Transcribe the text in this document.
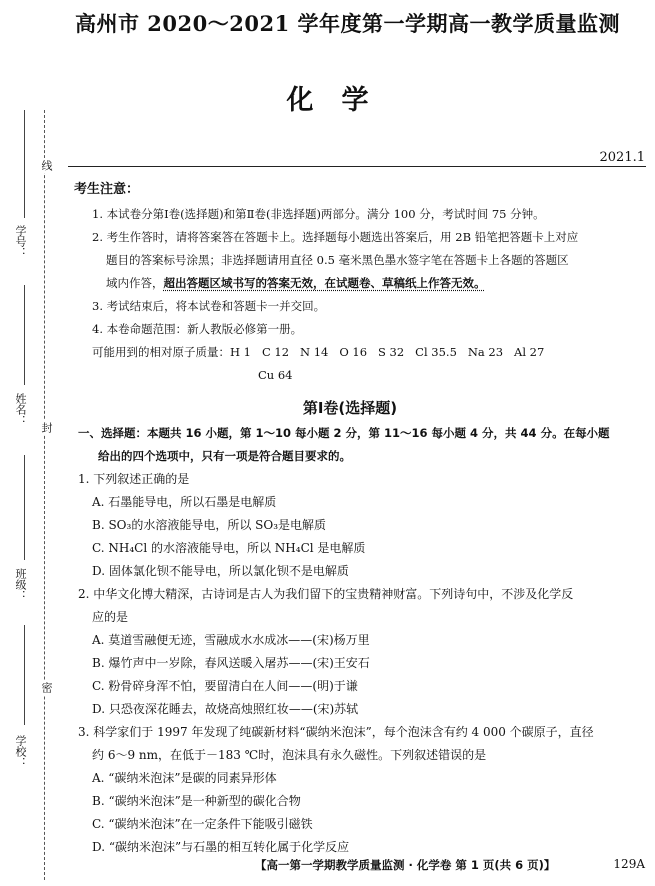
线
封
密
学号：
姓名：
班级：
学校：
高州市 2020～2021 学年度第一学期高一教学质量监测
化学
2021.1
考生注意：
1. 本试卷分第Ⅰ卷(选择题)和第Ⅱ卷(非选择题)两部分。满分 100 分，考试时间 75 分钟。
2. 考生作答时，请将答案答在答题卡上。选择题每小题选出答案后，用 2B 铅笔把答题卡上对应
题目的答案标号涂黑；非选择题请用直径 0.5 毫米黑色墨水签字笔在答题卡上各题的答题区
域内作答，超出答题区域书写的答案无效，在试题卷、草稿纸上作答无效。
3. 考试结束后，将本试卷和答题卡一并交回。
4. 本卷命题范围：新人教版必修第一册。
可能用到的相对原子质量：H 1   C 12   N 14   O 16   S 32   Cl 35.5   Na 23   Al 27
Cu 64
第Ⅰ卷(选择题)
一、选择题：本题共 16 小题，第 1～10 每小题 2 分，第 11～16 每小题 4 分，共 44 分。在每小题
给出的四个选项中，只有一项是符合题目要求的。
1. 下列叙述正确的是
A. 石墨能导电，所以石墨是电解质
B. SO₃的水溶液能导电，所以 SO₃是电解质
C. NH₄Cl 的水溶液能导电，所以 NH₄Cl 是电解质
D. 固体氯化钡不能导电，所以氯化钡不是电解质
2. 中华文化博大精深，古诗词是古人为我们留下的宝贵精神财富。下列诗句中，不涉及化学反
应的是
A. 莫道雪融便无迹，雪融成水水成冰——(宋)杨万里
B. 爆竹声中一岁除，春风送暖入屠苏——(宋)王安石
C. 粉骨碎身浑不怕，要留清白在人间——(明)于谦
D. 只恐夜深花睡去，故烧高烛照红妆——(宋)苏轼
3. 科学家们于 1997 年发现了纯碳新材料“碳纳米泡沫”，每个泡沫含有约 4 000 个碳原子，直径
约 6～9 nm，在低于－183 ℃时，泡沫具有永久磁性。下列叙述错误的是
A. “碳纳米泡沫”是碳的同素异形体
B. “碳纳米泡沫”是一种新型的碳化合物
C. “碳纳米泡沫”在一定条件下能吸引磁铁
D. “碳纳米泡沫”与石墨的相互转化属于化学反应
【高一第一学期教学质量监测 · 化学卷 第 1 页(共 6 页)】	129A
